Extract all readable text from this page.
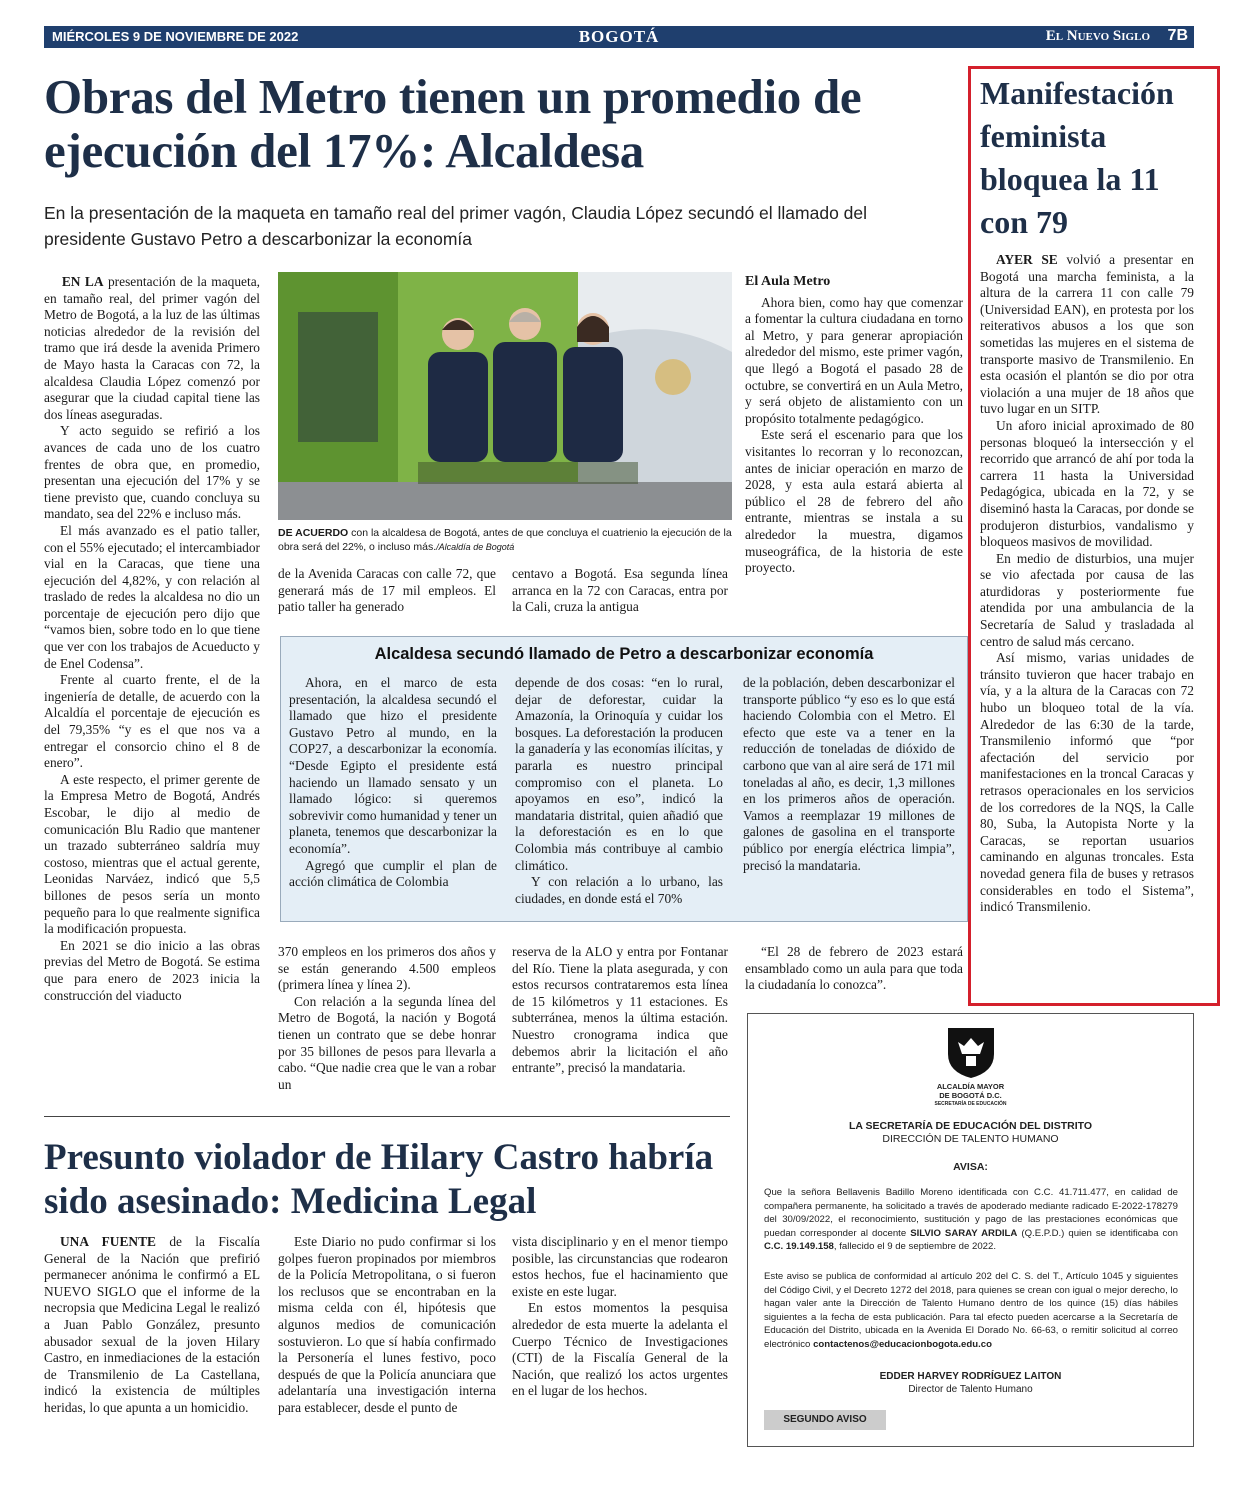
MIÉRCOLES 9 DE NOVIEMBRE DE 2022	BOGOTÁ	El Nuevo Siglo 7B
Obras del Metro tienen un promedio de ejecución del 17%: Alcaldesa
En la presentación de la maqueta en tamaño real del primer vagón, Claudia López secundó el llamado del presidente Gustavo Petro a descarbonizar la economía

EN LA presentación de la maqueta, en tamaño real, del primer vagón del Metro de Bogotá, a la luz de las últimas noticias alrededor de la revisión del tramo que irá desde la avenida Primero de Mayo hasta la Caracas con 72, la alcaldesa Claudia López comenzó por asegurar que la ciudad capital tiene las dos líneas aseguradas.

Y acto seguido se refirió a los avances de cada uno de los cuatro frentes de obra que, en promedio, presentan una ejecución del 17% y se tiene previsto que, cuando concluya su mandato, sea del 22% e incluso más.

El más avanzado es el patio taller, con el 55% ejecutado; el intercambiador vial en la Caracas, que tiene una ejecución del 4,82%, y con relación al traslado de redes la alcaldesa no dio un porcentaje de ejecución pero dijo que “vamos bien, sobre todo en lo que tiene que ver con los trabajos de Acueducto y de Enel Codensa”.

Frente al cuarto frente, el de la ingeniería de detalle, de acuerdo con la Alcaldía el porcentaje de ejecución es del 79,35% “y es el que nos va a entregar el consorcio chino el 8 de enero”.

A este respecto, el primer gerente de la Empresa Metro de Bogotá, Andrés Escobar, le dijo al medio de comunicación Blu Radio que mantener un trazado subterráneo saldría muy costoso, mientras que el actual gerente, Leonidas Narváez, indicó que 5,5 billones de pesos sería un monto pequeño para lo que realmente significa la modificación propuesta.

En 2021 se dio inicio a las obras previas del Metro de Bogotá. Se estima que para enero de 2023 inicia la construcción del viaducto

DE ACUERDO con la alcaldesa de Bogotá, antes de que concluya el cuatrienio la ejecución de la obra será del 22%, o incluso más./Alcaldía de Bogotá

de la Avenida Caracas con calle 72, que generará más de 17 mil empleos. El patio taller ha generado

centavo a Bogotá. Esa segunda línea arranca en la 72 con Caracas, entra por la Cali, cruza la antigua

El Aula Metro

Ahora bien, como hay que comenzar a fomentar la cultura ciudadana en torno al Metro, y para generar apropiación alrededor del mismo, este primer vagón, que llegó a Bogotá el pasado 28 de octubre, se convertirá en un Aula Metro, y será objeto de alistamiento con un propósito totalmente pedagógico.

Este será el escenario para que los visitantes lo recorran y lo reconozcan, antes de iniciar operación en marzo de 2028, y esta aula estará abierta al público el 28 de febrero del año entrante, mientras se instala a su alrededor la muestra, digamos museográfica, de la historia de este proyecto.

Alcaldesa secundó llamado de Petro a descarbonizar economía

Ahora, en el marco de esta presentación, la alcaldesa secundó el llamado que hizo el presidente Gustavo Petro al mundo, en la COP27, a descarbonizar la economía. “Desde Egipto el presidente está haciendo un llamado sensato y un llamado lógico: si queremos sobrevivir como humanidad y tener un planeta, tenemos que descarbonizar la economía”.

Agregó que cumplir el plan de acción climática de Colombia

depende de dos cosas: “en lo rural, dejar de deforestar, cuidar la Amazonía, la Orinoquía y cuidar los bosques. La deforestación la producen la ganadería y las economías ilícitas, y pararla es nuestro principal compromiso con el planeta. Lo apoyamos en eso”, indicó la mandataria distrital, quien añadió que la deforestación es en lo que Colombia más contribuye al cambio climático.

Y con relación a lo urbano, las ciudades, en donde está el 70%

de la población, deben descarbonizar el transporte público “y eso es lo que está haciendo Colombia con el Metro. El efecto que este va a tener en la reducción de toneladas de dióxido de carbono que van al aire será de 171 mil toneladas al año, es decir, 1,3 millones en los primeros años de operación. Vamos a reemplazar 19 millones de galones de gasolina en el transporte público por energía eléctrica limpia”, precisó la mandataria.

370 empleos en los primeros dos años y se están generando 4.500 empleos (primera línea y línea 2).

Con relación a la segunda línea del Metro de Bogotá, la nación y Bogotá tienen un contrato que se debe honrar por 35 billones de pesos para llevarla a cabo. “Que nadie crea que le van a robar un

reserva de la ALO y entra por Fontanar del Río. Tiene la plata asegurada, y con estos recursos contrataremos esta línea de 15 kilómetros y 11 estaciones. Es subterránea, menos la última estación. Nuestro cronograma indica que debemos abrir la licitación el año entrante”, precisó la mandataria.

“El 28 de febrero de 2023 estará ensamblado como un aula para que toda la ciudadanía lo conozca”.

Manifestación feminista bloquea la 11 con 79

AYER SE volvió a presentar en Bogotá una marcha feminista, a la altura de la carrera 11 con calle 79 (Universidad EAN), en protesta por los reiterativos abusos a los que son sometidas las mujeres en el sistema de transporte masivo de Transmilenio. En esta ocasión el plantón se dio por otra violación a una mujer de 18 años que tuvo lugar en un SITP.

Un aforo inicial aproximado de 80 personas bloqueó la intersección y el recorrido que arrancó de ahí por toda la carrera 11 hasta la Universidad Pedagógica, ubicada en la 72, y se diseminó hasta la Caracas, por donde se produjeron disturbios, vandalismo y bloqueos masivos de movilidad.

En medio de disturbios, una mujer se vio afectada por causa de las aturdidoras y posteriormente fue atendida por una ambulancia de la Secretaría de Salud y trasladada al centro de salud más cercano.

Así mismo, varias unidades de tránsito tuvieron que hacer trabajo en vía, y a la altura de la Caracas con 72 hubo un bloqueo total de la vía. Alrededor de las 6:30 de la tarde, Transmilenio informó que “por afectación del servicio por manifestaciones en la troncal Caracas y retrasos operacionales en los servicios de los corredores de la NQS, la Calle 80, Suba, la Autopista Norte y la Caracas, se reportan usuarios caminando en algunas troncales. Esta novedad genera fila de buses y retrasos considerables en todo el Sistema”, indicó Transmilenio.

Presunto violador de Hilary Castro habría sido asesinado: Medicina Legal

UNA FUENTE de la Fiscalía General de la Nación que prefirió permanecer anónima le confirmó a EL NUEVO SIGLO que el informe de la necropsia que Medicina Legal le realizó a Juan Pablo González, presunto abusador sexual de la joven Hilary Castro, en inmediaciones de la estación de Transmilenio de La Castellana, indicó la existencia de múltiples heridas, lo que apunta a un homicidio.

Este Diario no pudo confirmar si los golpes fueron propinados por miembros de la Policía Metropolitana, o si fueron los reclusos que se encontraban en la misma celda con él, hipótesis que algunos medios de comunicación sostuvieron. Lo que sí había confirmado la Personería el lunes festivo, poco después de que la Policía anunciara que adelantaría una investigación interna para establecer, desde el punto de

vista disciplinario y en el menor tiempo posible, las circunstancias que rodearon estos hechos, fue el hacinamiento que existe en este lugar.

En estos momentos la pesquisa alrededor de esta muerte la adelanta el Cuerpo Técnico de Investigaciones (CTI) de la Fiscalía General de la Nación, que realizó los actos urgentes en el lugar de los hechos.

ALCALDÍA MAYOR
DE BOGOTÁ D.C.
SECRETARÍA DE EDUCACIÓN
LA SECRETARÍA DE EDUCACIÓN DEL DISTRITO
DIRECCIÓN DE TALENTO HUMANO
AVISA:
Que la señora Bellavenis Badillo Moreno identificada con C.C. 41.711.477, en calidad de compañera permanente, ha solicitado a través de apoderado mediante radicado E-2022-178279 del 30/09/2022, el reconocimiento, sustitución y pago de las prestaciones económicas que puedan corresponder al docente SILVIO SARAY ARDILA (Q.E.P.D.) quien se identificaba con C.C. 19.149.158, fallecido el 9 de septiembre de 2022.
Este aviso se publica de conformidad al artículo 202 del C. S. del T., Artículo 1045 y siguientes del Código Civil, y el Decreto 1272 del 2018, para quienes se crean con igual o mejor derecho, lo hagan valer ante la Dirección de Talento Humano dentro de los quince (15) días hábiles siguientes a la fecha de esta publicación. Para tal efecto pueden acercarse a la Secretaría de Educación del Distrito, ubicada en la Avenida El Dorado No. 66-63, o remitir solicitud al correo electrónico contactenos@educacionbogota.edu.co
EDDER HARVEY RODRÍGUEZ LAITON
Director de Talento Humano
SEGUNDO AVISO
